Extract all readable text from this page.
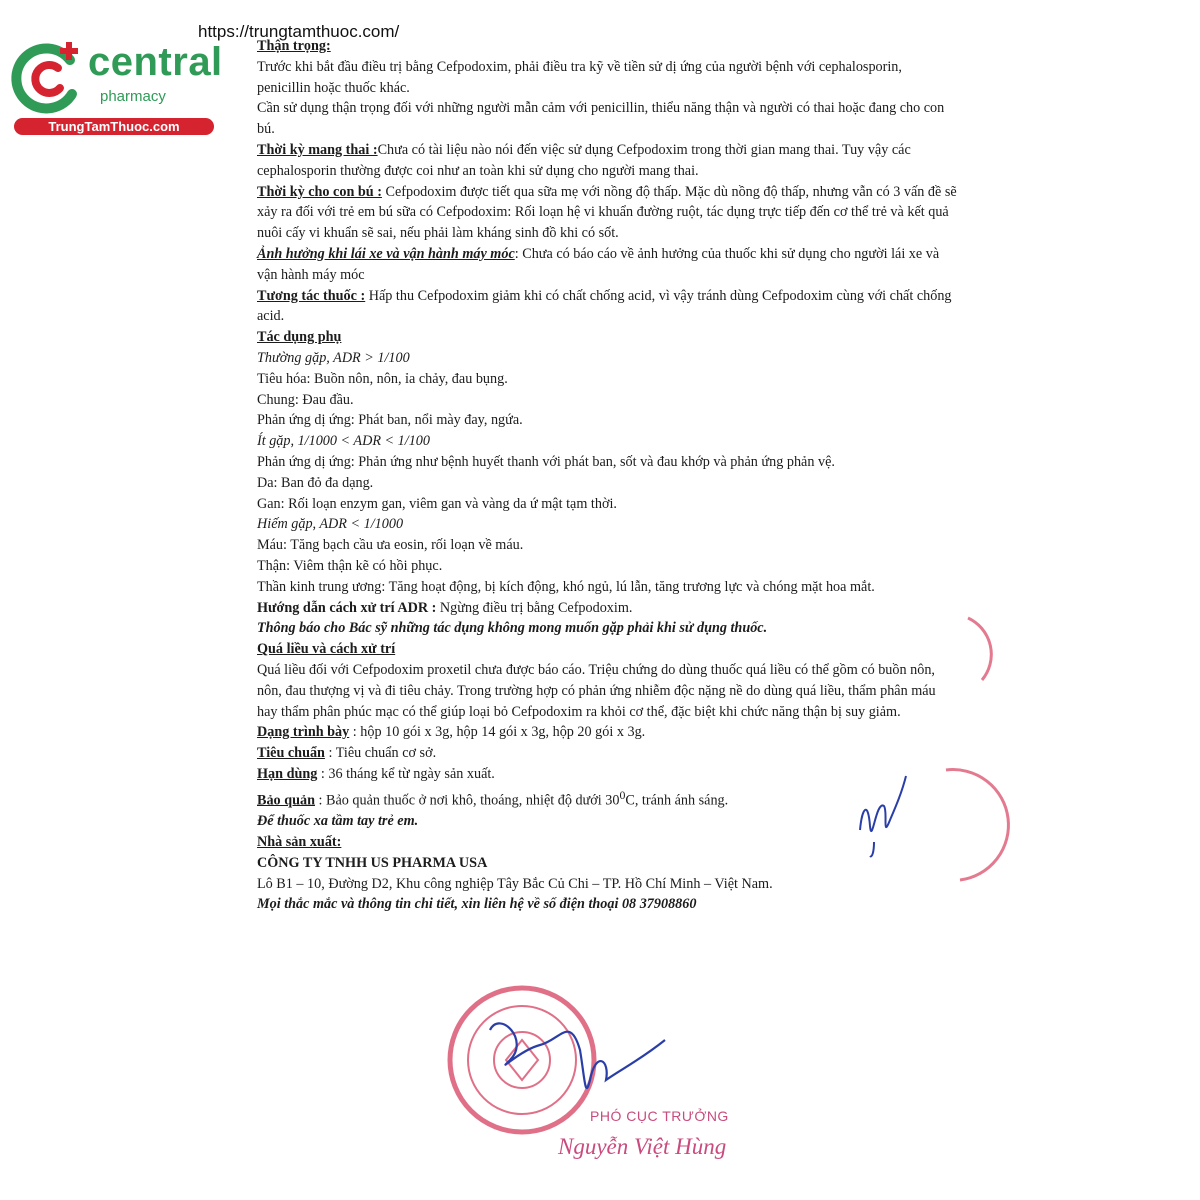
https://trungtamthuoc.com/
central
pharmacy
TrungTamThuoc.com

Thận trọng:

Trước khi bắt đầu điều trị bằng Cefpodoxim, phải điều tra kỹ về tiền sử dị ứng của người bệnh với cephalosporin, penicillin hoặc thuốc khác.

Cần sử dụng thận trọng đối với những người mẫn cảm với penicillin, thiểu năng thận và người có thai hoặc đang cho con bú.

Thời kỳ mang thai :Chưa có tài liệu nào nói đến việc sử dụng Cefpodoxim trong thời gian mang thai. Tuy vậy các cephalosporin thường được coi như an toàn khi sử dụng cho người mang thai.

Thời kỳ cho con bú : Cefpodoxim được tiết qua sữa mẹ với nồng độ thấp. Mặc dù nồng độ thấp, nhưng vẫn có 3 vấn đề sẽ xảy ra đối với trẻ em bú sữa có Cefpodoxim: Rối loạn hệ vi khuẩn đường ruột, tác dụng trực tiếp đến cơ thể trẻ và kết quả nuôi cấy vi khuẩn sẽ sai, nếu phải làm kháng sinh đồ khi có sốt.

Ảnh hưởng khi lái xe và vận hành máy móc: Chưa có báo cáo về ảnh hưởng của thuốc khi sử dụng cho người lái xe và vận hành máy móc

Tương tác thuốc : Hấp thu Cefpodoxim giảm khi có chất chống acid, vì vậy tránh dùng Cefpodoxim cùng với chất chống acid.

Tác dụng phụ

Thường gặp, ADR > 1/100

Tiêu hóa: Buồn nôn, nôn, ỉa chảy, đau bụng.

Chung: Đau đầu.

Phản ứng dị ứng: Phát ban, nổi mày đay, ngứa.

Ít gặp, 1/1000 < ADR < 1/100

Phản ứng dị ứng: Phản ứng như bệnh huyết thanh với phát ban, sốt và đau khớp và phản ứng phản vệ.

Da: Ban đỏ đa dạng.

Gan: Rối loạn enzym gan, viêm gan và vàng da ứ mật tạm thời.

Hiếm gặp, ADR < 1/1000

Máu: Tăng bạch cầu ưa eosin, rối loạn về máu.

Thận: Viêm thận kẽ có hồi phục.

Thần kinh trung ương: Tăng hoạt động, bị kích động, khó ngủ, lú lẫn, tăng trương lực và chóng mặt hoa mắt.

Hướng dẫn cách xử trí ADR : Ngừng điều trị bằng Cefpodoxim.

Thông báo cho Bác sỹ những tác dụng không mong muốn gặp phải khi sử dụng thuốc.

Quá liều và cách xử trí

Quá liều đối với Cefpodoxim proxetil chưa được báo cáo. Triệu chứng do dùng thuốc quá liều có thể gồm có buồn nôn, nôn, đau thượng vị và đi tiêu chảy. Trong trường hợp có phản ứng nhiễm độc nặng nề do dùng quá liều, thẩm phân máu hay thẩm phân phúc mạc có thể giúp loại bỏ Cefpodoxim ra khỏi cơ thể, đặc biệt khi chức năng thận bị suy giảm.

Dạng trình bày : hộp 10 gói x 3g, hộp 14 gói x 3g, hộp 20 gói x 3g.

Tiêu chuẩn : Tiêu chuẩn cơ sở.

Hạn dùng : 36 tháng kể từ ngày sản xuất.

Bảo quản : Bảo quản thuốc ở nơi khô, thoáng, nhiệt độ dưới $30^0C$, tránh ánh sáng.

Để thuốc xa tầm tay trẻ em.

Nhà sản xuất:

CÔNG TY TNHH US PHARMA USA

Lô B1 – 10, Đường D2, Khu công nghiệp Tây Bắc Củ Chi – TP. Hồ Chí Minh – Việt Nam.

Mọi thắc mắc và thông tin chi tiết, xin liên hệ về số điện thoại 08 37908860

PHÓ CỤC TRƯỞNG
Nguyễn Việt Hùng
